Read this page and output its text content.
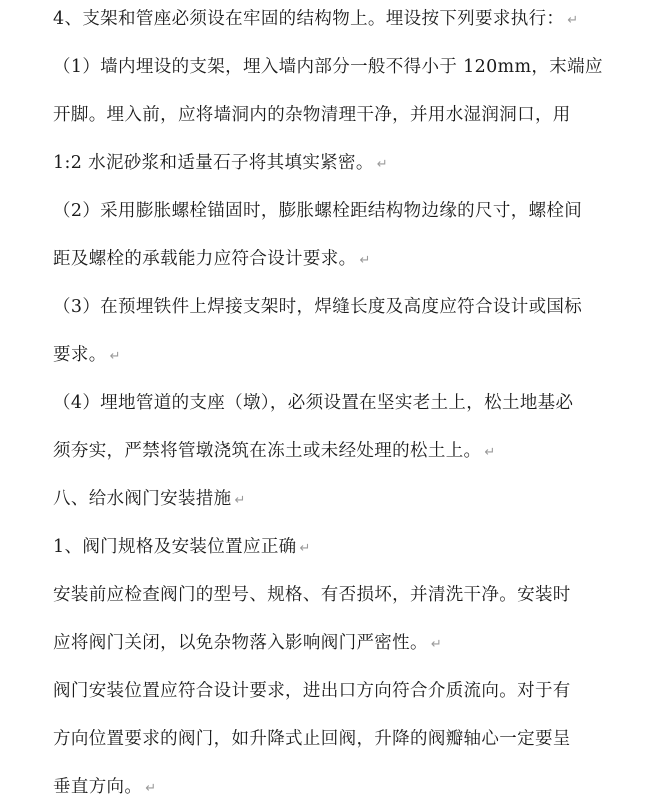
4、支架和管座必须设在牢固的结构物上。埋设按下列要求执行： ↵
（1）墙内埋设的支架，埋入墙内部分一般不得小于 120mm，末端应
开脚。埋入前，应将墙洞内的杂物清理干净，并用水湿润洞口，用
1:2 水泥砂浆和适量石子将其填实紧密。 ↵
（2）采用膨胀螺栓锚固时，膨胀螺栓距结构物边缘的尺寸，螺栓间
距及螺栓的承载能力应符合设计要求。 ↵
（3）在预埋铁件上焊接支架时，焊缝长度及高度应符合设计或国标
要求。 ↵
（4）埋地管道的支座（墩），必须设置在坚实老土上，松土地基必
须夯实，严禁将管墩浇筑在冻土或未经处理的松土上。 ↵
八、给水阀门安装措施 ↵
1、阀门规格及安装位置应正确 ↵
安装前应检查阀门的型号、规格、有否损坏，并清洗干净。安装时
应将阀门关闭，以免杂物落入影响阀门严密性。 ↵
阀门安装位置应符合设计要求，进出口方向符合介质流向。对于有
方向位置要求的阀门，如升降式止回阀，升降的阀瓣轴心一定要呈
垂直方向。 ↵
